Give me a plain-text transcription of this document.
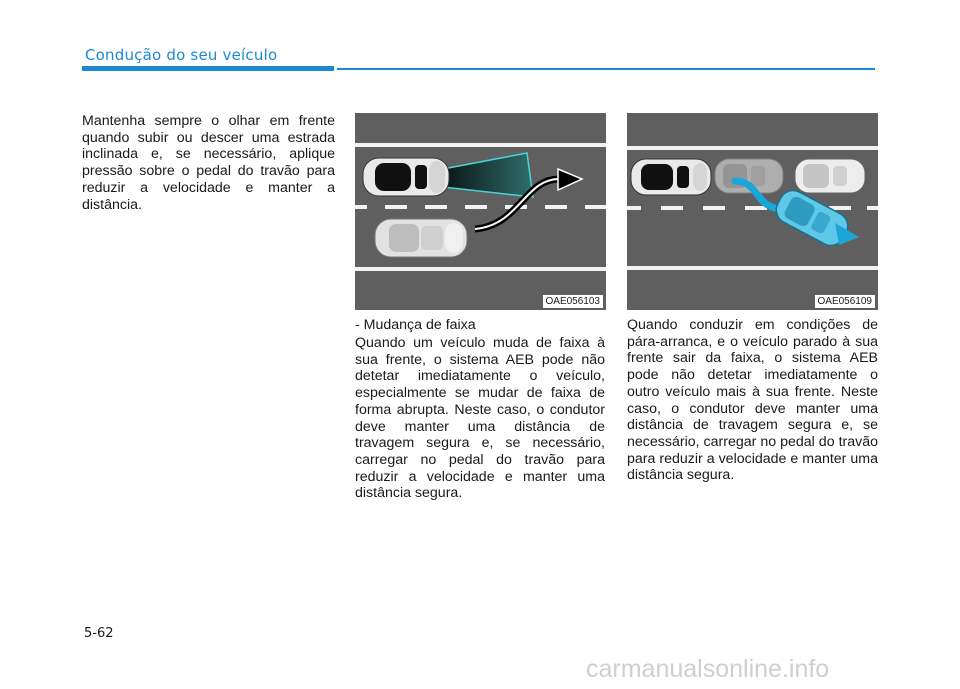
Condução do seu veículo

Mantenha sempre o olhar em frente quando subir ou descer uma estrada inclinada e, se necessário, aplique pressão sobre o pedal do travão para reduzir a velocidade e manter a distância.

OAE056103
- Mudança de faixa

Quando um veículo muda de faixa à sua frente, o sistema AEB pode não detetar imediatamente o veículo, especialmente se mudar de faixa de forma abrupta. Neste caso, o condutor deve manter uma distância de travagem segura e, se necessário, carregar no pedal do travão para reduzir a velocidade e manter uma distância segura.

OAE056109

Quando conduzir em condições de pára-arranca, e o veículo parado à sua frente sair da faixa, o sistema AEB pode não detetar imediatamente o outro veículo mais à sua frente. Neste caso, o condutor deve manter uma distância de travagem segura e, se necessário, carregar no pedal do travão para reduzir a velocidade e manter uma distância segura.

5-62
carmanualsonline.info
